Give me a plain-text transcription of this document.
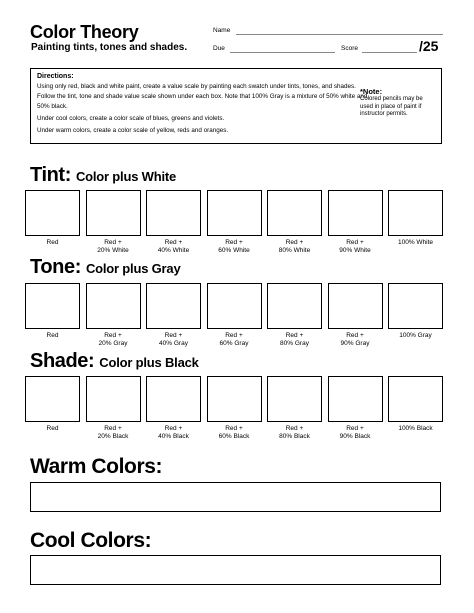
Color Theory
Painting tints, tones and shades.
Name
Due	Score	/25
Directions:
Using only red, black and white paint, create a value scale by painting each swatch under tints, tones, and shades.
Follow the tint, tone and shade value scale shown under each box. Note that 100% Gray is a mixture of 50% white and
50% black.
Under cool colors, create a color scale of blues, greens and violets.
Under warm colors, create a color scale of yellow, reds and oranges.
*Note:
Colored pencils may be
used in place of paint if
instructor permits.
Tint: Color plus White
Red	Red +
20% White
Red +
40% White
Red +
60% White
Red +
80% White
Red +
90% White
100% White
Tone: Color plus Gray
Red	Red +
20% Gray
Red +
40% Gray
Red +
60% Gray
Red +
80% Gray
Red +
90% Gray
100% Gray
Shade: Color plus Black
Red	Red +
20% Black
Red +
40% Black
Red +
60% Black
Red +
80% Black
Red +
90% Black
100% Black
Warm Colors:
Cool Colors:
